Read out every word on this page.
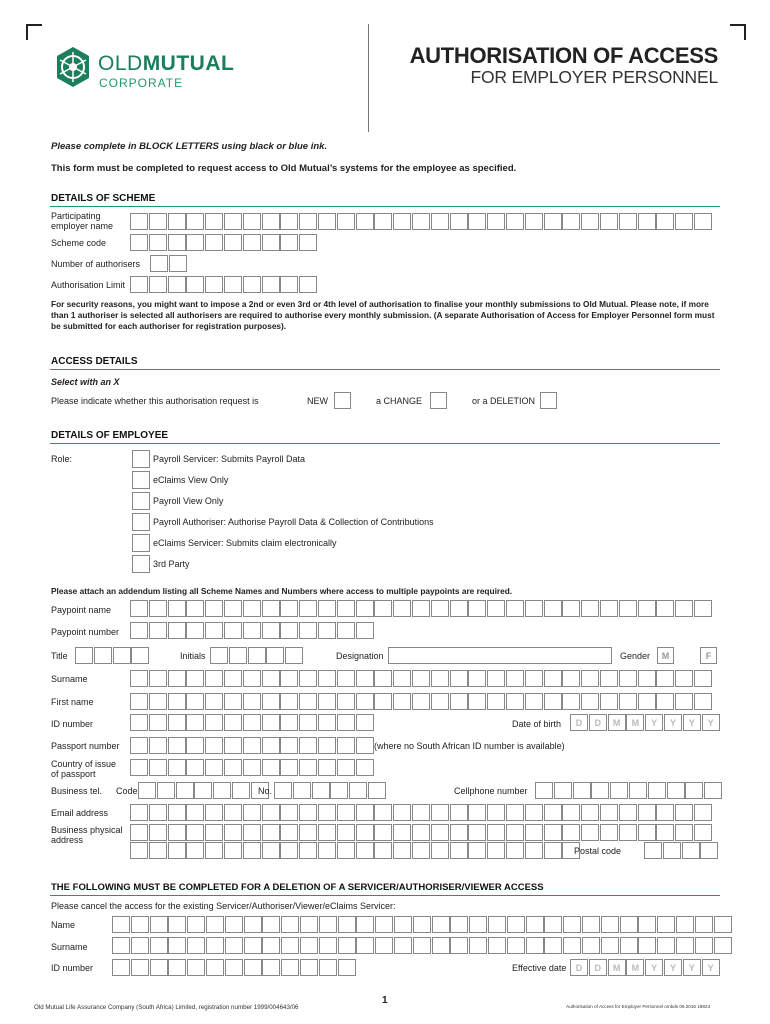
OLDMUTUAL
CORPORATE
AUTHORISATION OF ACCESS
FOR EMPLOYER PERSONNEL
Please complete in BLOCK LETTERS using black or blue ink.
This form must be completed to request access to Old Mutual’s systems for the employee as specified.
DETAILS OF SCHEME
Participating employer name
Scheme code
Number of authorisers
Authorisation Limit
For security reasons, you might want to impose a 2nd or even 3rd or 4th level of authorisation to finalise your monthly submissions to Old Mutual. Please note, if more than 1 authoriser is selected all authorisers are required to authorise every monthly submission. (A separate Authorisation of Access for Employer Personnel form must be submitted for each authoriser for registration purposes).
ACCESS DETAILS
Select with an X
Please indicate whether this authorisation request is	NEW	a CHANGE	or a DELETION
DETAILS OF EMPLOYEE
Role:	Payroll Servicer: Submits Payroll Data
eClaims View Only
Payroll View Only
Payroll Authoriser: Authorise Payroll Data & Collection of Contributions
eClaims Servicer: Submits claim electronically
3rd Party
Please attach an addendum listing all Scheme Names and Numbers where access to multiple paypoints are required.
Paypoint name
Paypoint number
Title	Initials	Designation	Gender	M	F
Surname
First name
ID number	Date of birth	D	D	M	M	Y	Y	Y	Y
Passport number	(where no South African ID number is available)
Country of issue of passport
Business tel. Code	No.	Cellphone number
Email address
Business physical address
Postal code
THE FOLLOWING MUST BE COMPLETED FOR A DELETION OF A SERVICER/AUTHORISER/VIEWER ACCESS
Please cancel the access for the existing Servicer/Authoriser/Viewer/eClaims Servicer:
Name
Surname
ID number	Effective date	D	D	M	M	Y	Y	Y	Y
Old Mutual Life Assurance Company (South Africa) Limited, registration number 1999/004643/06
1
Authorisation of Access for Employer Personnel ombds 09.2016 19823
